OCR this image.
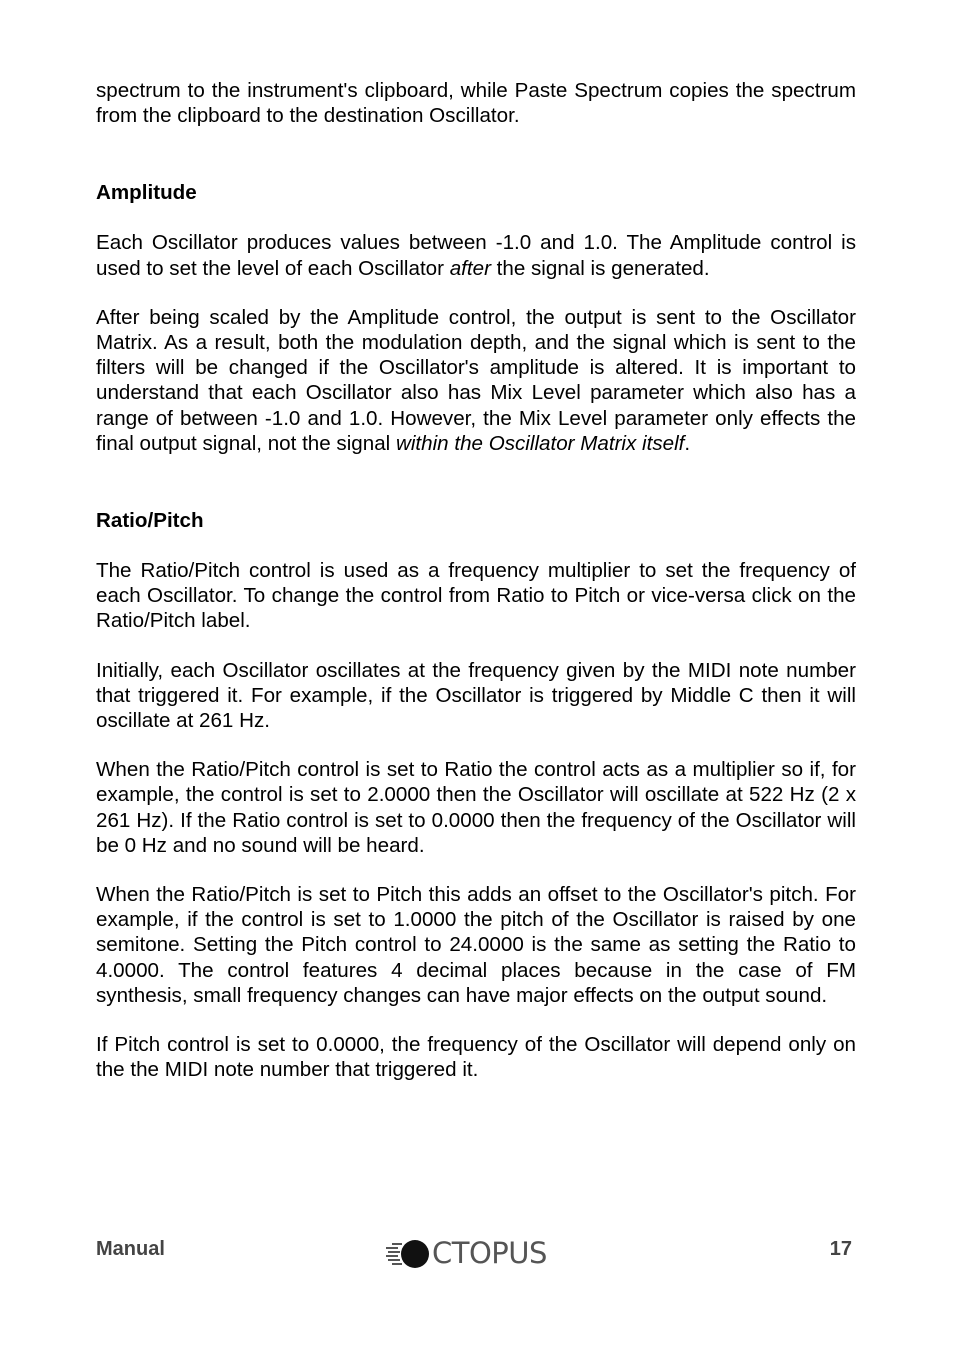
spectrum to the instrument's clipboard, while Paste Spectrum copies the spectrum from the clipboard to the destination Oscillator.

Amplitude

Each Oscillator produces values between -1.0 and 1.0. The Amplitude control is used to set the level of each Oscillator after the signal is generated.

After being scaled by the Amplitude control, the output is sent to the Oscillator Matrix. As a result, both the modulation depth, and the signal which is sent to the filters will be changed if the Oscillator's amplitude is altered. It is important to understand that each Oscillator also has Mix Level parameter which also has a range of between -1.0 and 1.0. However, the Mix Level parameter only effects the final output signal, not the signal within the Oscillator Matrix itself.

Ratio/Pitch

The Ratio/Pitch control is used as a frequency multiplier to set the frequency of each Oscillator. To change the control from Ratio to Pitch or vice-versa click on the Ratio/Pitch label.

Initially, each Oscillator oscillates at the frequency given by the MIDI note number that triggered it. For example, if the Oscillator is triggered by Middle C then it will oscillate at 261 Hz.

When the Ratio/Pitch control is set to Ratio the control acts as a multiplier so if, for example, the control is set to 2.0000 then the Oscillator will oscillate at 522 Hz (2 x 261 Hz). If the Ratio control is set to 0.0000 then the frequency of the Oscillator will be 0 Hz and no sound will be heard.

When the Ratio/Pitch is set to Pitch this adds an offset to the Oscillator's pitch. For example, if the control is set to 1.0000 the pitch of the Oscillator is raised by one semitone. Setting the Pitch control to 24.0000 is the same as setting the Ratio to 4.0000. The control features 4 decimal places because in the case of FM synthesis, small frequency changes can have major effects on the output sound.

If Pitch control is set to 0.0000, the frequency of the Oscillator will depend only on the the MIDI note number that triggered it.

Manual	CTOPUS	17
